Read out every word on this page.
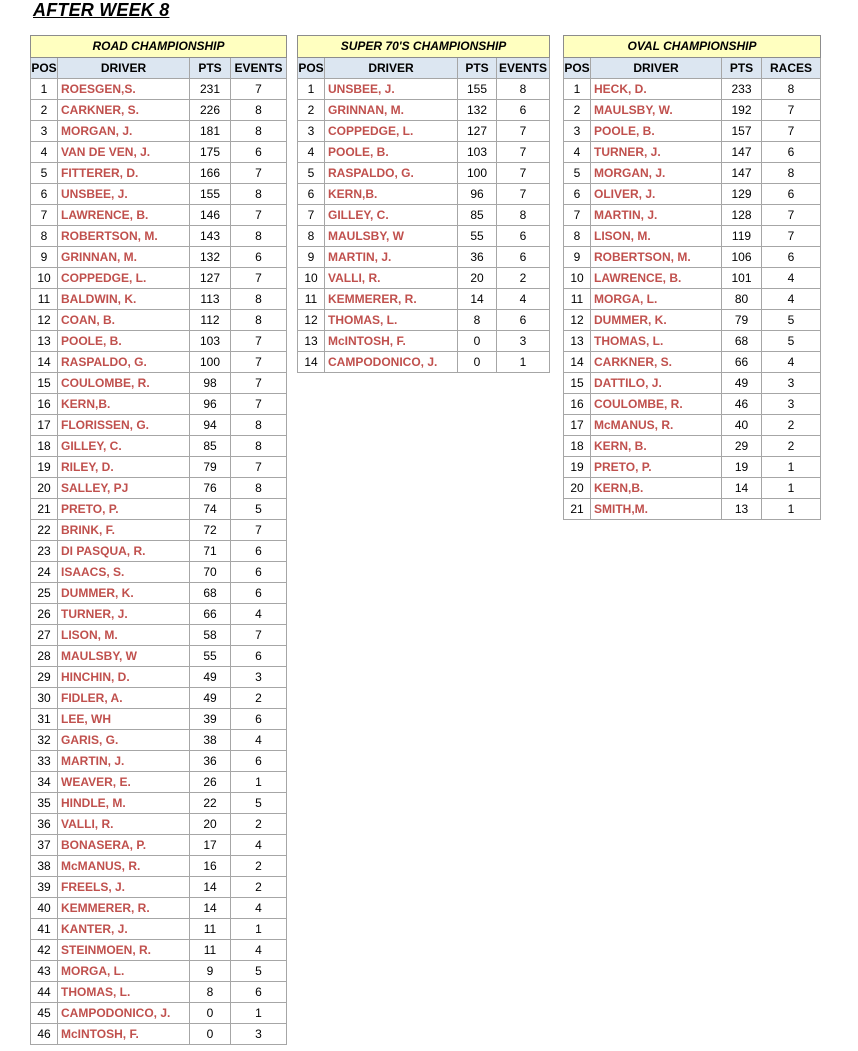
AFTER WEEK 8
ROAD CHAMPIONSHIP			
POS	DRIVER	PTS	EVENTS
1	ROESGEN,S.	231	7
2	CARKNER, S.	226	8
3	MORGAN, J.	181	8
4	VAN DE VEN, J.	175	6
5	FITTERER, D.	166	7
6	UNSBEE, J.	155	8
7	LAWRENCE, B.	146	7
8	ROBERTSON, M.	143	8
9	GRINNAN, M.	132	6
10	COPPEDGE, L.	127	7
11	BALDWIN, K.	113	8
12	COAN, B.	112	8
13	POOLE, B.	103	7
14	RASPALDO, G.	100	7
15	COULOMBE, R.	98	7
16	KERN,B.	96	7
17	FLORISSEN, G.	94	8
18	GILLEY, C.	85	8
19	RILEY, D.	79	7
20	SALLEY, PJ	76	8
21	PRETO, P.	74	5
22	BRINK, F.	72	7
23	DI PASQUA, R.	71	6
24	ISAACS, S.	70	6
25	DUMMER, K.	68	6
26	TURNER, J.	66	4
27	LISON, M.	58	7
28	MAULSBY, W	55	6
29	HINCHIN, D.	49	3
30	FIDLER, A.	49	2
31	LEE, WH	39	6
32	GARIS, G.	38	4
33	MARTIN, J.	36	6
34	WEAVER, E.	26	1
35	HINDLE, M.	22	5
36	VALLI, R.	20	2
37	BONASERA, P.	17	4
38	McMANUS, R.	16	2
39	FREELS, J.	14	2
40	KEMMERER, R.	14	4
41	KANTER, J.	11	1
42	STEINMOEN, R.	11	4
43	MORGA, L.	9	5
44	THOMAS, L.	8	6
45	CAMPODONICO, J.	0	1
46	McINTOSH, F.	0	3
SUPER 70'S CHAMPIONSHIP			
POS	DRIVER	PTS	EVENTS
1	UNSBEE, J.	155	8
2	GRINNAN, M.	132	6
3	COPPEDGE, L.	127	7
4	POOLE, B.	103	7
5	RASPALDO, G.	100	7
6	KERN,B.	96	7
7	GILLEY, C.	85	8
8	MAULSBY, W	55	6
9	MARTIN, J.	36	6
10	VALLI, R.	20	2
11	KEMMERER, R.	14	4
12	THOMAS, L.	8	6
13	McINTOSH, F.	0	3
14	CAMPODONICO, J.	0	1
OVAL CHAMPIONSHIP			
POS	DRIVER	PTS	RACES
1	HECK, D.	233	8
2	MAULSBY, W.	192	7
3	POOLE, B.	157	7
4	TURNER, J.	147	6
5	MORGAN, J.	147	8
6	OLIVER, J.	129	6
7	MARTIN, J.	128	7
8	LISON, M.	119	7
9	ROBERTSON, M.	106	6
10	LAWRENCE, B.	101	4
11	MORGA, L.	80	4
12	DUMMER, K.	79	5
13	THOMAS, L.	68	5
14	CARKNER, S.	66	4
15	DATTILO, J.	49	3
16	COULOMBE, R.	46	3
17	McMANUS, R.	40	2
18	KERN, B.	29	2
19	PRETO, P.	19	1
20	KERN,B.	14	1
21	SMITH,M.	13	1
